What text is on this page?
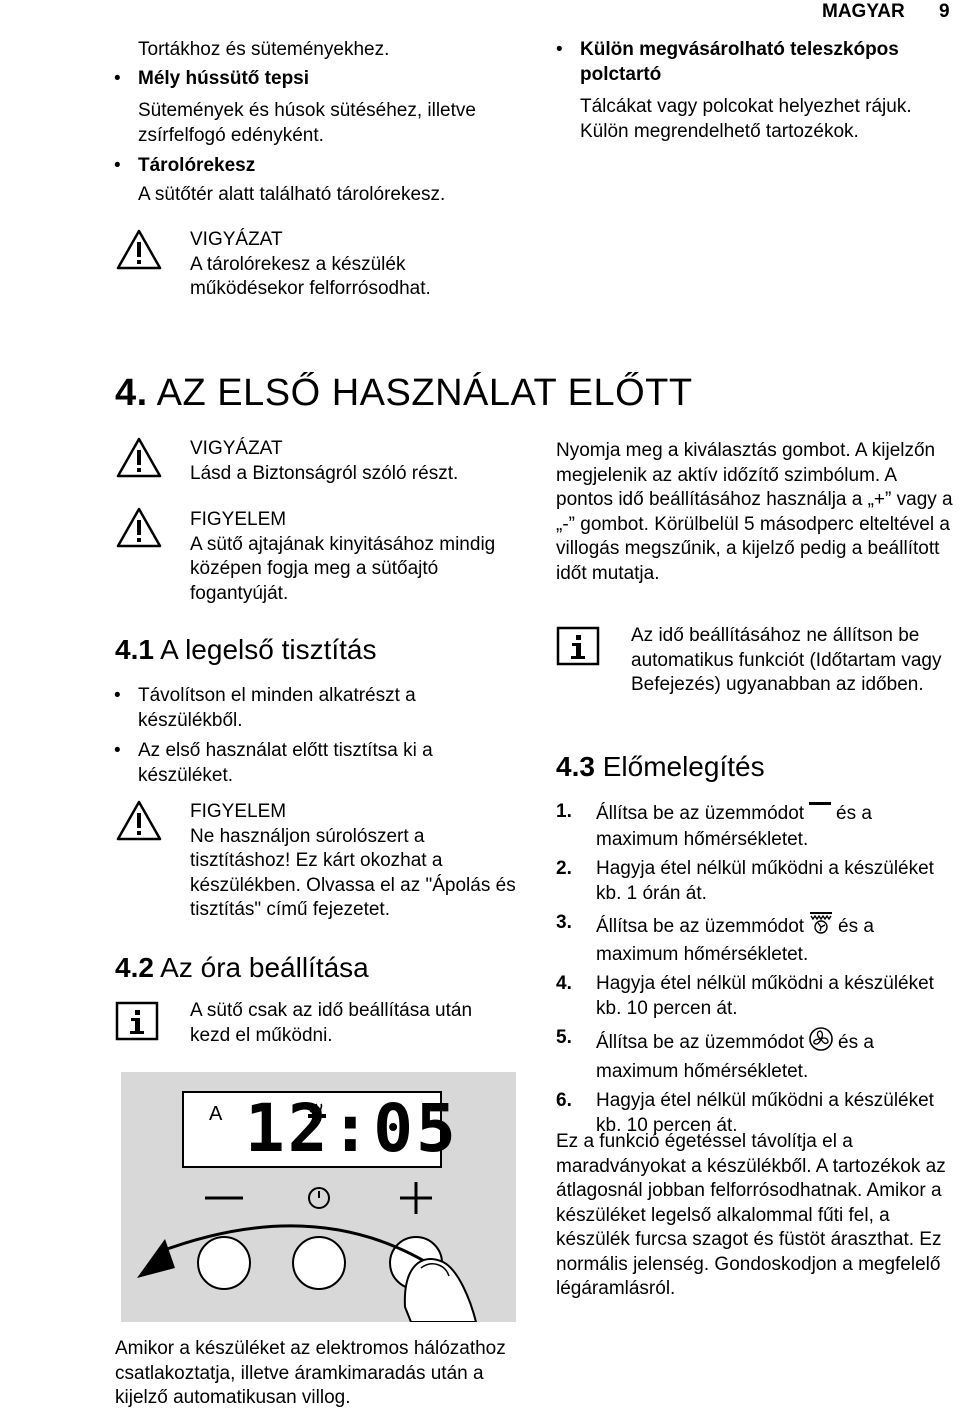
MAGYAR 9
Tortákhoz és süteményekhez.
• Mély hússütő tepsi
Sütemények és húsok sütéséhez, illetve zsírfelfogó edényként.
• Tárolórekesz
A sütőtér alatt található tárolórekesz.
VIGYÁZAT
A tárolórekesz a készülék működésekor felforrósodhat.
• Külön megvásárolható teleszkópos polctartó
Tálcákat vagy polcokat helyezhet rájuk. Külön megrendelhető tartozékok.
4. AZ ELSŐ HASZNÁLAT ELŐTT
VIGYÁZAT
Lásd a Biztonságról szóló részt.
FIGYELEM
A sütő ajtajának kinyitásához mindig középen fogja meg a sütőajtó fogantyúját.
4.1 A legelső tisztítás
• Távolítson el minden alkatrészt a készülékből.
• Az első használat előtt tisztítsa ki a készüléket.
FIGYELEM
Ne használjon súrolószert a tisztításhoz! Ez kárt okozhat a készülékben. Olvassa el az "Ápolás és tisztítás" című fejezetet.
4.2 Az óra beállítása
A sütő csak az idő beállítása után kezd el működni.
A 12:05
Amikor a készüléket az elektromos hálózathoz csatlakoztatja, illetve áramkimaradás után a kijelző automatikusan villog.
Nyomja meg a kiválasztás gombot. A kijelzőn megjelenik az aktív időzítő szimbólum. A pontos idő beállításához használja a „+” vagy a „-” gombot. Körülbelül 5 másodperc elteltével a villogás megszűnik, a kijelző pedig a beállított időt mutatja.
Az idő beállításához ne állítson be automatikus funkciót (Időtartam vagy Befejezés) ugyanabban az időben.
4.3 Előmelegítés
1. Állítsa be az üzemmódot és a maximum hőmérsékletet.
2. Hagyja étel nélkül működni a készüléket kb. 1 órán át.
3. Állítsa be az üzemmódot és a maximum hőmérsékletet.
4. Hagyja étel nélkül működni a készüléket kb. 10 percen át.
5. Állítsa be az üzemmódot és a maximum hőmérsékletet.
6. Hagyja étel nélkül működni a készüléket kb. 10 percen át.
Ez a funkció égetéssel távolítja el a maradványokat a készülékből. A tartozékok az átlagosnál jobban felforrósodhatnak. Amikor a készüléket legelső alkalommal fűti fel, a készülék furcsa szagot és füstöt áraszthat. Ez normális jelenség. Gondoskodjon a megfelelő légáramlásról.
